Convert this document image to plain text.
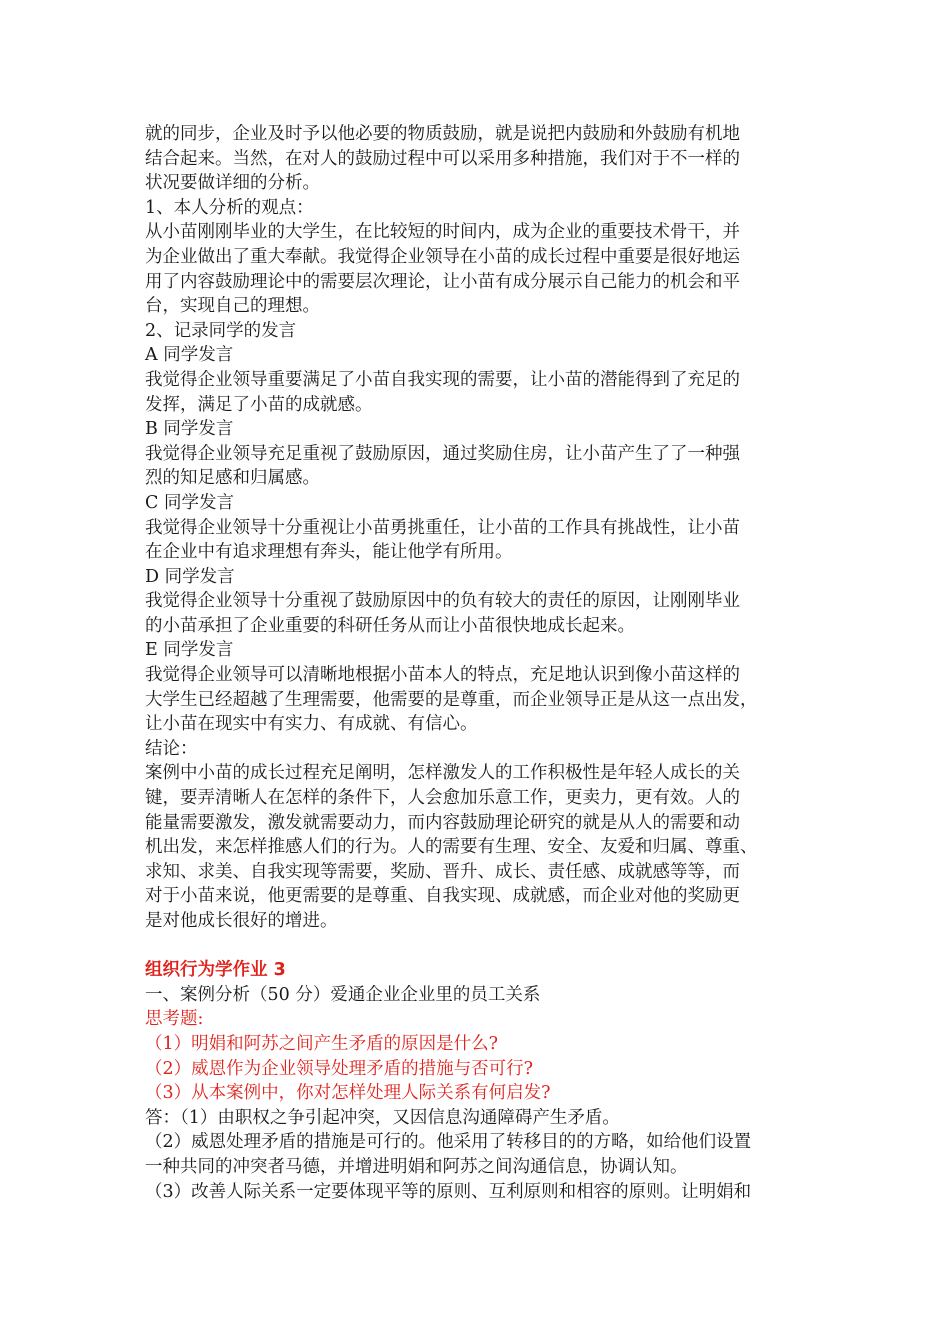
就的同步，企业及时予以他必要的物质鼓励，就是说把内鼓励和外鼓励有机地
结合起来。当然，在对人的鼓励过程中可以采用多种措施，我们对于不一样的
状况要做详细的分析。
1、本人分析的观点：
从小苗刚刚毕业的大学生，在比较短的时间内，成为企业的重要技术骨干，并
为企业做出了重大奉献。我觉得企业领导在小苗的成长过程中重要是很好地运
用了内容鼓励理论中的需要层次理论，让小苗有成分展示自己能力的机会和平
台，实现自己的理想。
2、记录同学的发言
A 同学发言
我觉得企业领导重要满足了小苗自我实现的需要，让小苗的潜能得到了充足的
发挥，满足了小苗的成就感。
B 同学发言
我觉得企业领导充足重视了鼓励原因，通过奖励住房，让小苗产生了了一种强
烈的知足感和归属感。
C 同学发言
我觉得企业领导十分重视让小苗勇挑重任，让小苗的工作具有挑战性，让小苗
在企业中有追求理想有奔头，能让他学有所用。
D 同学发言
我觉得企业领导十分重视了鼓励原因中的负有较大的责任的原因，让刚刚毕业
的小苗承担了企业重要的科研任务从而让小苗很快地成长起来。
E 同学发言
我觉得企业领导可以清晰地根据小苗本人的特点，充足地认识到像小苗这样的
大学生已经超越了生理需要，他需要的是尊重，而企业领导正是从这一点出发，
让小苗在现实中有实力、有成就、有信心。
结论：
案例中小苗的成长过程充足阐明，怎样激发人的工作积极性是年轻人成长的关
键，要弄清晰人在怎样的条件下，人会愈加乐意工作，更卖力，更有效。人的
能量需要激发，激发就需要动力，而内容鼓励理论研究的就是从人的需要和动
机出发，来怎样推感人们的行为。人的需要有生理、安全、友爱和归属、尊重、
求知、求美、自我实现等需要，奖励、晋升、成长、责任感、成就感等等，而
对于小苗来说，他更需要的是尊重、自我实现、成就感，而企业对他的奖励更
是对他成长很好的增进。
组织行为学作业 3
一、案例分析（50 分）爱通企业企业里的员工关系
思考题:
（1）明娟和阿苏之间产生矛盾的原因是什么?
（2）威恩作为企业领导处理矛盾的措施与否可行?
（3）从本案例中，你对怎样处理人际关系有何启发?
答：（1）由职权之争引起冲突，又因信息沟通障碍产生矛盾。
（2）威恩处理矛盾的措施是可行的。他采用了转移目的的方略，如给他们设置
一种共同的冲突者马德，并增进明娟和阿苏之间沟通信息，协调认知。
（3）改善人际关系一定要体现平等的原则、互利原则和相容的原则。让明娟和
